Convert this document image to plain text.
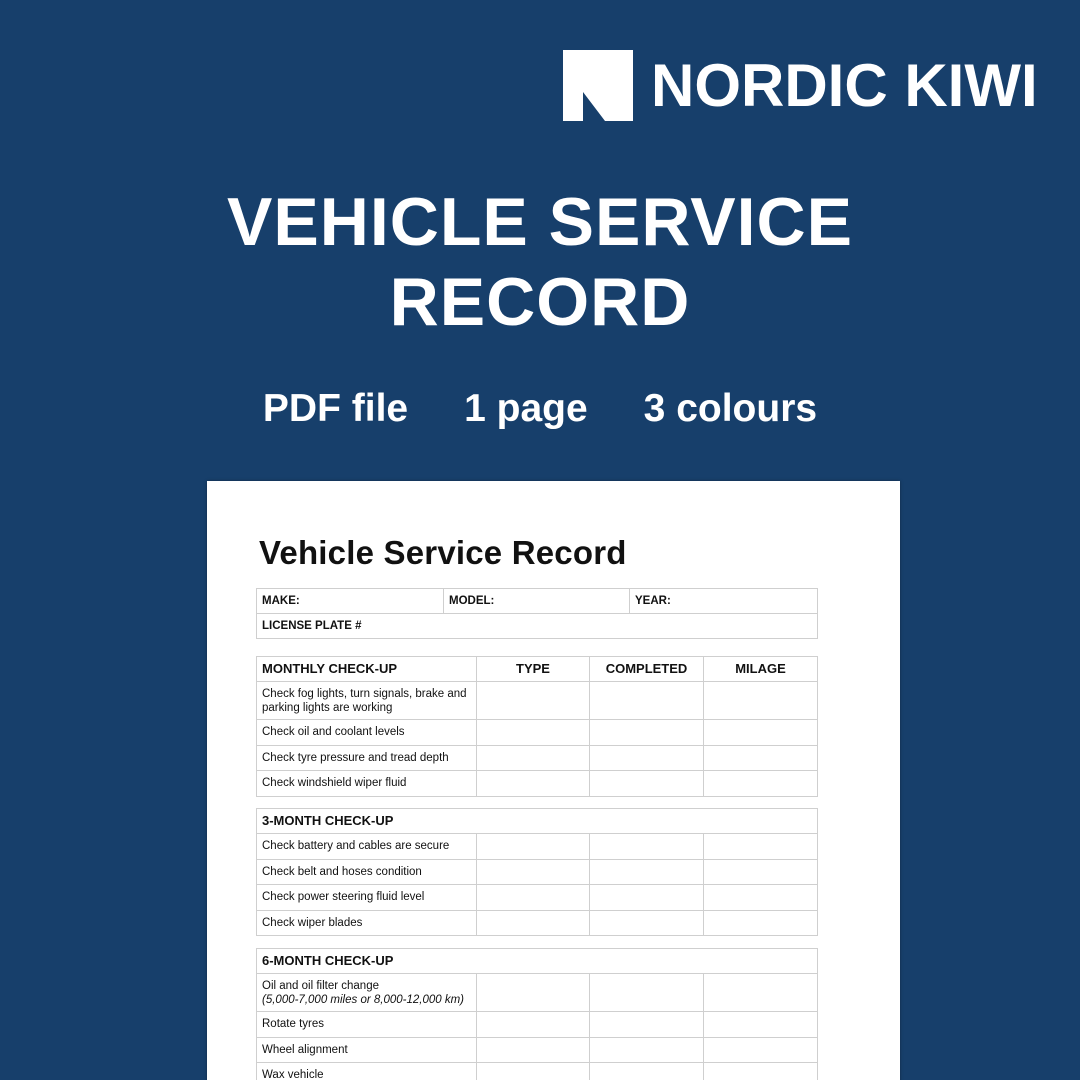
NORDIC KIWI
VEHICLE SERVICE
RECORD
PDF file 1 page 3 colours
Vehicle Service Record
MAKE:	MODEL:	YEAR:
LICENSE PLATE #
MONTHLY CHECK-UP	TYPE	COMPLETED	MILAGE
Check fog lights, turn signals, brake and parking lights are working			
Check oil and coolant levels			
Check tyre pressure and tread depth			
Check windshield wiper fluid			
3-MONTH CHECK-UP			
Check battery and cables are secure			
Check belt and hoses condition			
Check power steering fluid level			
Check wiper blades			
6-MONTH CHECK-UP			
Oil and oil filter change
(5,000-7,000 miles or 8,000-12,000 km)			

Rotate tyres			
Wheel alignment			
Wax vehicle			
